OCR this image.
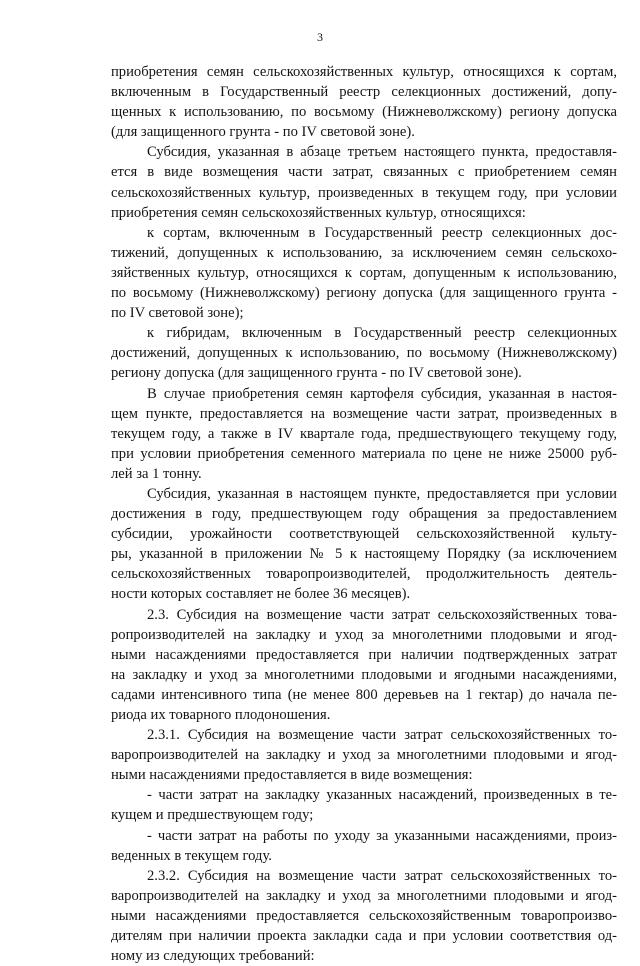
3
приобретения семян сельскохозяйственных культур, относящихся к сортам,
включенным в Государственный реестр селекционных достижений, допу-
щенных к использованию, по восьмому (Нижневолжскому) региону допуска
(для защищенного грунта - по IV световой зоне).
Субсидия, указанная в абзаце третьем настоящего пункта, предоставля-
ется в виде возмещения части затрат, связанных с приобретением семян
сельскохозяйственных культур, произведенных в текущем году, при условии
приобретения семян сельскохозяйственных культур, относящихся:
к сортам, включенным в Государственный реестр селекционных дос-
тижений, допущенных к использованию, за исключением семян сельскохо-
зяйственных культур, относящихся к сортам, допущенным к использованию,
по восьмому (Нижневолжскому) региону допуска (для защищенного грунта -
по IV световой зоне);
к гибридам, включенным в Государственный реестр селекционных
достижений, допущенных к использованию, по восьмому (Нижневолжскому)
региону допуска (для защищенного грунта - по IV световой зоне).
В случае приобретения семян картофеля субсидия, указанная в настоя-
щем пункте, предоставляется на возмещение части затрат, произведенных в
текущем году, а также в IV квартале года, предшествующего текущему году,
при условии приобретения семенного материала по цене не ниже 25000 руб-
лей за 1 тонну.
Субсидия, указанная в настоящем пункте, предоставляется при условии
достижения в году, предшествующем году обращения за предоставлением
субсидии, урожайности соответствующей сельскохозяйственной культу-
ры, указанной в приложении № 5 к настоящему Порядку (за исключением
сельскохозяйственных товаропроизводителей, продолжительность деятель-
ности которых составляет не более 36 месяцев).
2.3. Субсидия на возмещение части затрат сельскохозяйственных това-
ропроизводителей на закладку и уход за многолетними плодовыми и ягод-
ными насаждениями предоставляется при наличии подтвержденных затрат
на закладку и уход за многолетними плодовыми и ягодными насаждениями,
садами интенсивного типа (не менее 800 деревьев на 1 гектар) до начала пе-
риода их товарного плодоношения.
2.3.1. Субсидия на возмещение части затрат сельскохозяйственных то-
варопроизводителей на закладку и уход за многолетними плодовыми и ягод-
ными насаждениями предоставляется в виде возмещения:
- части затрат на закладку указанных насаждений, произведенных в те-
кущем и предшествующем году;
- части затрат на работы по уходу за указанными насаждениями, произ-
веденных в текущем году.
2.3.2. Субсидия на возмещение части затрат сельскохозяйственных то-
варопроизводителей на закладку и уход за многолетними плодовыми и ягод-
ными насаждениями предоставляется сельскохозяйственным товаропроизво-
дителям при наличии проекта закладки сада и при условии соответствия од-
ному из следующих требований:
